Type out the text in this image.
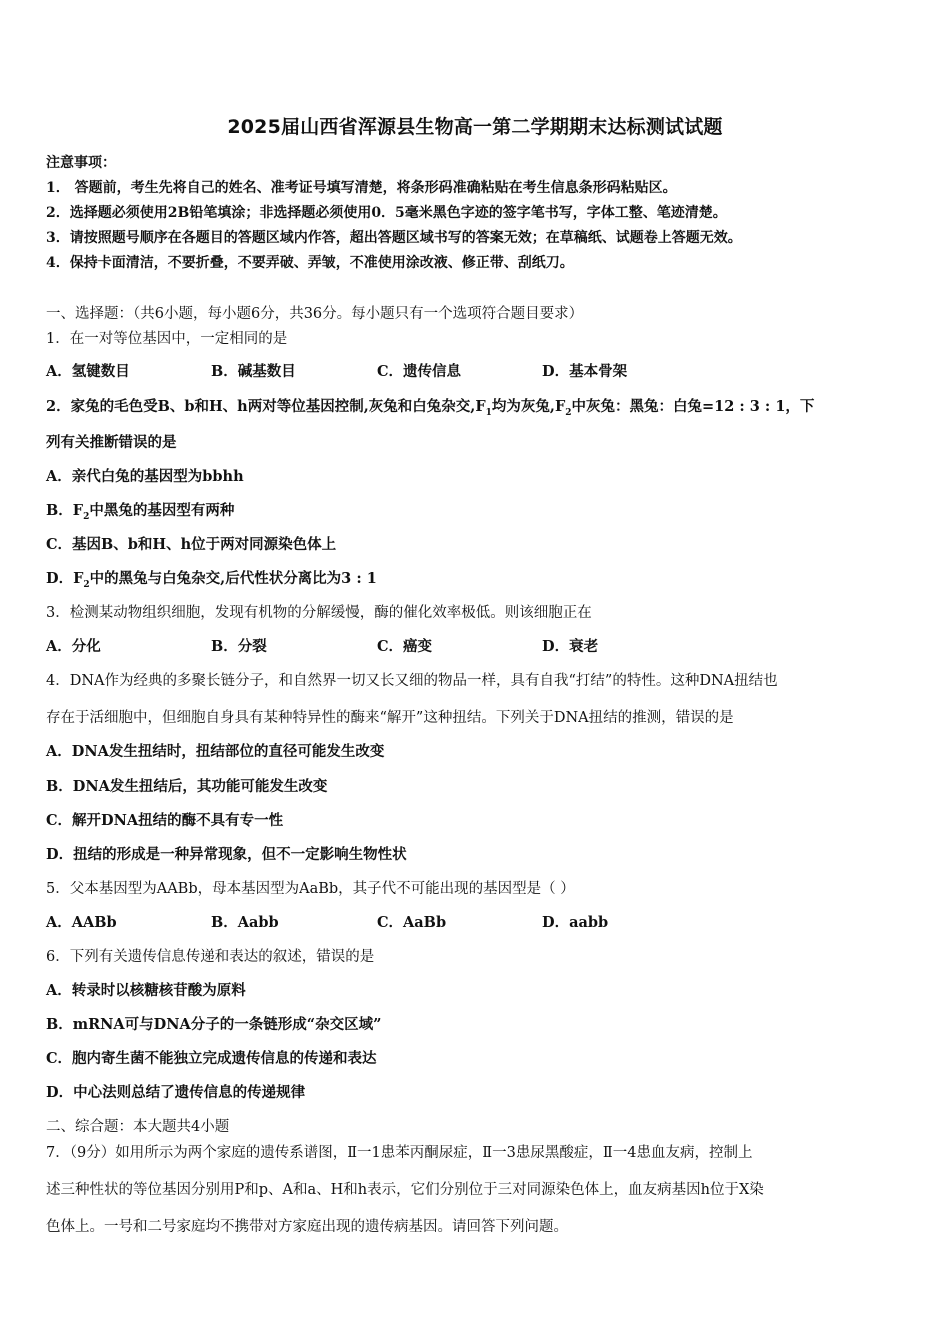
2025届山西省浑源县生物高一第二学期期末达标测试试题
注意事项：
1． 答题前，考生先将自己的姓名、准考证号填写清楚，将条形码准确粘贴在考生信息条形码粘贴区。
2．选择题必须使用2B铅笔填涂；非选择题必须使用0．5毫米黑色字迹的签字笔书写，字体工整、笔迹清楚。
3．请按照题号顺序在各题目的答题区域内作答，超出答题区域书写的答案无效；在草稿纸、试题卷上答题无效。
4．保持卡面清洁，不要折叠，不要弄破、弄皱，不准使用涂改液、修正带、刮纸刀。
一、选择题：（共6小题，每小题6分，共36分。每小题只有一个选项符合题目要求）
1．在一对等位基因中，一定相同的是
A．氢键数目	B．碱基数目	C．遗传信息	D．基本骨架
2．家兔的毛色受B、b和H、h两对等位基因控制,灰兔和白兔杂交$,F_1$均为灰兔$,F_2$中灰兔：黑兔：白兔=12 : 3 : 1，下
列有关推断错误的是
A．亲代白兔的基因型为bbhh
B．$F_2$中黑兔的基因型有两种
C．基因B、b和H、h位于两对同源染色体上
D．$F_2$中的黑兔与白兔杂交,后代性状分离比为3 : 1
3．检测某动物组织细胞，发现有机物的分解缓慢，酶的催化效率极低。则该细胞正在
A．分化	B．分裂	C．癌变	D．衰老
4．DNA作为经典的多聚长链分子，和自然界一切又长又细的物品一样，具有自我“打结”的特性。这种DNA扭结也
存在于活细胞中，但细胞自身具有某种特异性的酶来“解开”这种扭结。下列关于DNA扭结的推测，错误的是
A．DNA发生扭结时，扭结部位的直径可能发生改变
B．DNA发生扭结后，其功能可能发生改变
C．解开DNA扭结的酶不具有专一性
D．扭结的形成是一种异常现象，但不一定影响生物性状
5．父本基因型为AABb，母本基因型为AaBb，其子代不可能出现的基因型是（ ）
A．AABb	B．Aabb	C．AaBb	D．aabb
6．下列有关遗传信息传递和表达的叙述，错误的是
A．转录时以核糖核苷酸为原料
B．mRNA可与DNA分子的一条链形成“杂交区域”
C．胞内寄生菌不能独立完成遗传信息的传递和表达
D．中心法则总结了遗传信息的传递规律
二、综合题：本大题共4小题
7．（9分）如用所示为两个家庭的遗传系谱图，Ⅱ一1患苯丙酮尿症，Ⅱ一3患尿黑酸症，Ⅱ一4患血友病，控制上
述三种性状的等位基因分别用P和p、A和a、H和h表示，它们分别位于三对同源染色体上，血友病基因h位于X染
色体上。一号和二号家庭均不携带对方家庭出现的遗传病基因。请回答下列问题。
